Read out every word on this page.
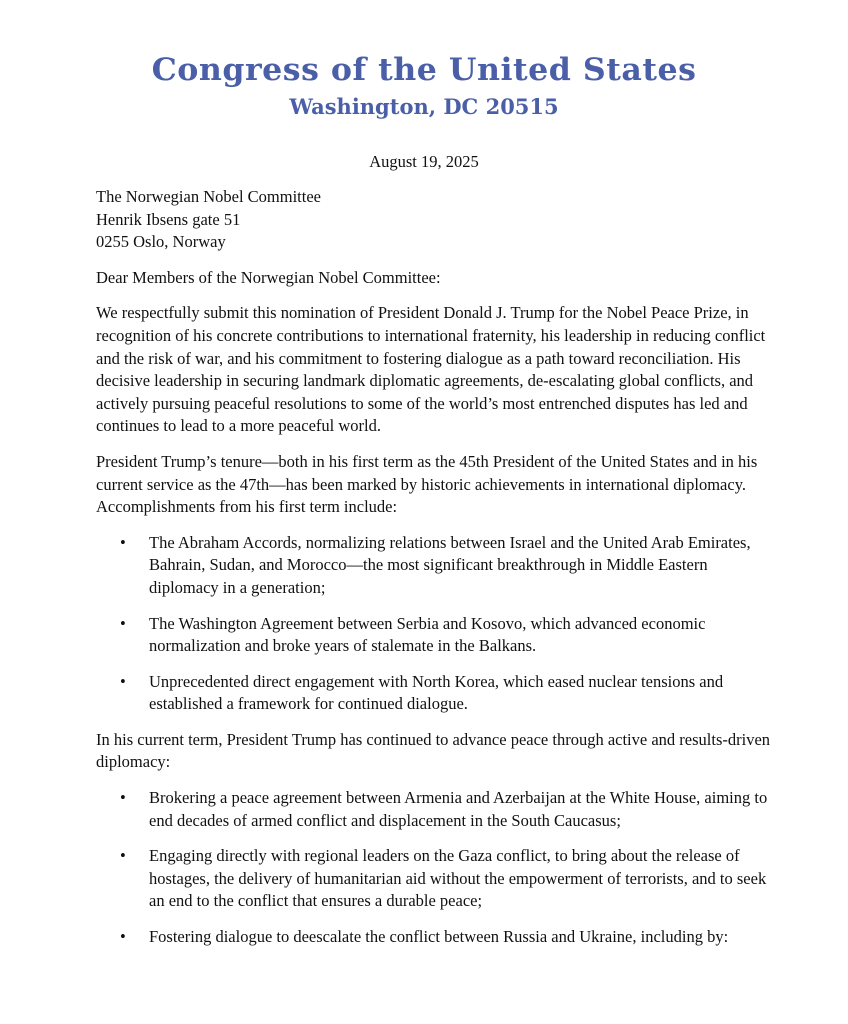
Congress of the United States
Washington, DC 20515
August 19, 2025
The Norwegian Nobel Committee
Henrik Ibsens gate 51
0255 Oslo, Norway
Dear Members of the Norwegian Nobel Committee:

We respectfully submit this nomination of President Donald J. Trump for the Nobel Peace Prize, in recognition of his concrete contributions to international fraternity, his leadership in reducing conflict and the risk of war, and his commitment to fostering dialogue as a path toward reconciliation. His decisive leadership in securing landmark diplomatic agreements, de-escalating global conflicts, and actively pursuing peaceful resolutions to some of the world’s most entrenched disputes has led and continues to lead to a more peaceful world.

President Trump’s tenure—both in his first term as the 45th President of the United States and in his current service as the 47th—has been marked by historic achievements in international diplomacy. Accomplishments from his first term include:

• The Abraham Accords, normalizing relations between Israel and the United Arab Emirates, Bahrain, Sudan, and Morocco—the most significant breakthrough in Middle Eastern diplomacy in a generation;
• The Washington Agreement between Serbia and Kosovo, which advanced economic normalization and broke years of stalemate in the Balkans.
• Unprecedented direct engagement with North Korea, which eased nuclear tensions and established a framework for continued dialogue.

In his current term, President Trump has continued to advance peace through active and results-driven diplomacy:

• Brokering a peace agreement between Armenia and Azerbaijan at the White House, aiming to end decades of armed conflict and displacement in the South Caucasus;
• Engaging directly with regional leaders on the Gaza conflict, to bring about the release of hostages, the delivery of humanitarian aid without the empowerment of terrorists, and to seek an end to the conflict that ensures a durable peace;
• Fostering dialogue to deescalate the conflict between Russia and Ukraine, including by:
